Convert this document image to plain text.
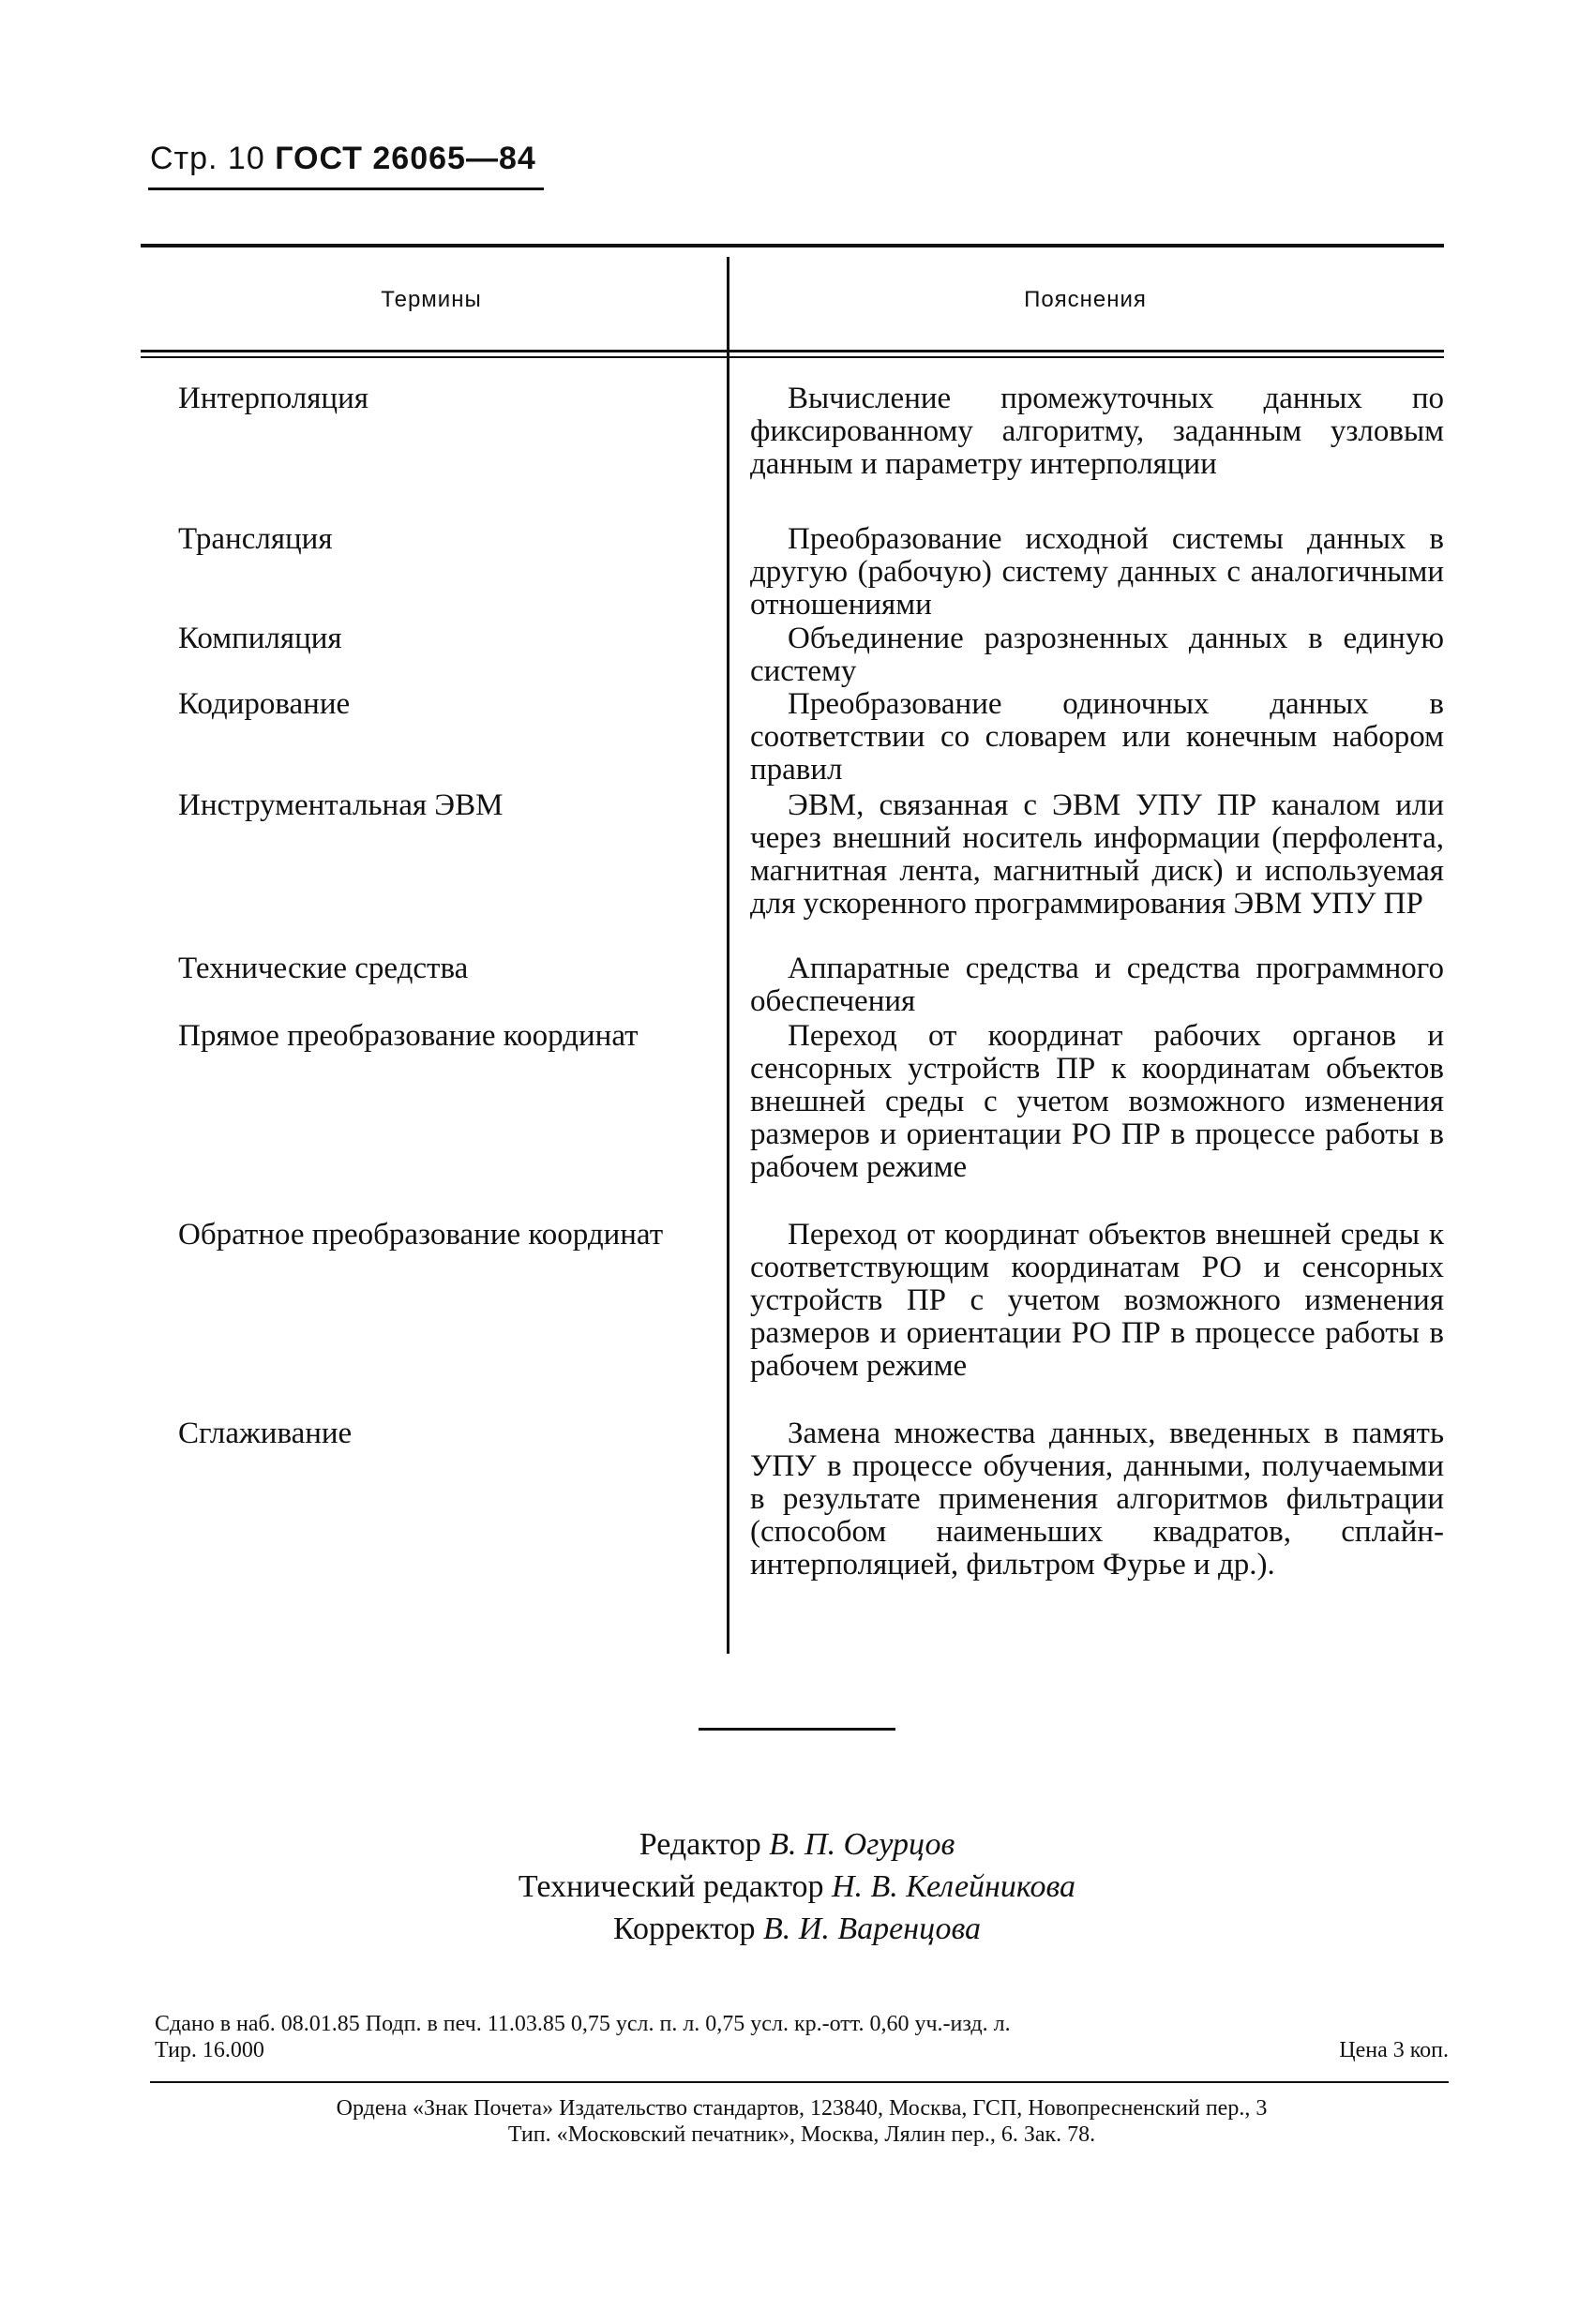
Стр. 10 ГОСТ 26065—84
Термины	Пояснения
Интерполяция	Вычисление промежуточных данных по фиксированному алгоритму, заданным узловым данным и параметру интерполяции
Трансляция	Преобразование исходной системы данных в другую (рабочую) систему данных с аналогичными отношениями
Компиляция	Объединение разрозненных данных в единую систему
Кодирование	Преобразование одиночных данных в соответствии со словарем или конечным набором правил
Инструментальная ЭВМ	ЭВМ, связанная с ЭВМ УПУ ПР каналом или через внешний носитель информации (перфолента, магнитная лента, магнитный диск) и используемая для ускоренного программирования ЭВМ УПУ ПР
Технические средства	Аппаратные средства и средства программного обеспечения
Прямое преобразование координат	Переход от координат рабочих органов и сенсорных устройств ПР к координатам объектов внешней среды с учетом возможного изменения размеров и ориентации РО ПР в процессе работы в рабочем режиме
Обратное преобразование координат	Переход от координат объектов внешней среды к соответствующим координатам РО и сенсорных устройств ПР с учетом возможного изменения размеров и ориентации РО ПР в процессе работы в рабочем режиме
Сглаживание	Замена множества данных, введенных в память УПУ в процессе обучения, данными, получаемыми в результате применения алгоритмов фильтрации (способом наименьших квадратов, сплайн-интерполяцией, фильтром Фурье и др.).
Редактор В. П. Огурцов
Технический редактор Н. В. Келейникова
Корректор В. И. Варенцова
Сдано в наб. 08.01.85 Подп. в печ. 11.03.85 0,75 усл. п. л. 0,75 усл. кр.-отт. 0,60 уч.-изд. л.
Тир. 16.000	Цена 3 коп.
Ордена «Знак Почета» Издательство стандартов, 123840, Москва, ГСП, Новопресненский пер., 3
Тип. «Московский печатник», Москва, Лялин пер., 6. Зак. 78.
